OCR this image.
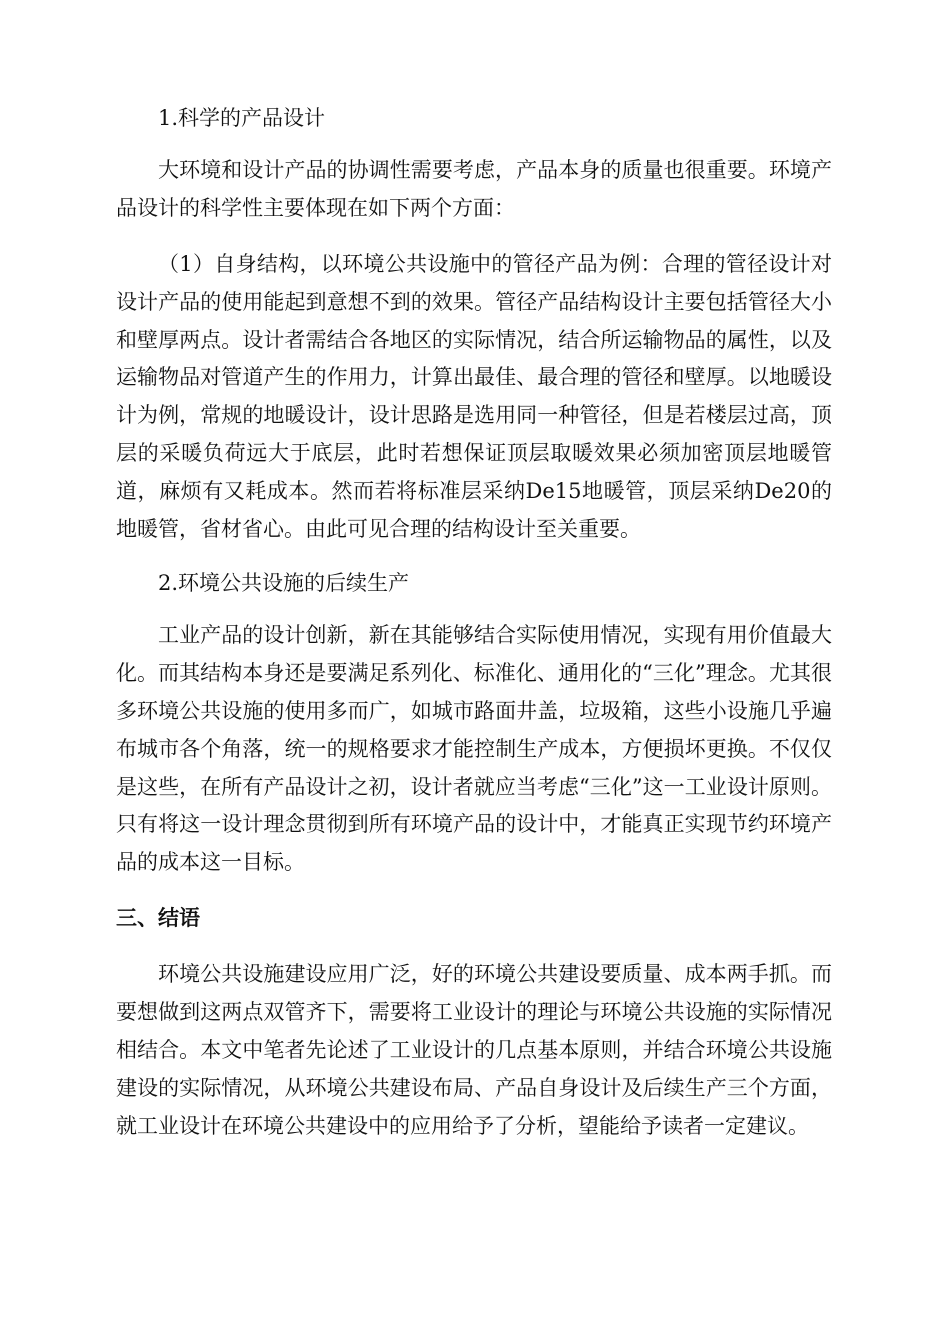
1.科学的产品设计

大环境和设计产品的协调性需要考虑，产品本身的质量也很重要。环境产品设计的科学性主要体现在如下两个方面：

（1）自身结构，以环境公共设施中的管径产品为例：合理的管径设计对设计产品的使用能起到意想不到的效果。管径产品结构设计主要包括管径大小和壁厚两点。设计者需结合各地区的实际情况，结合所运输物品的属性，以及运输物品对管道产生的作用力，计算出最佳、最合理的管径和壁厚。以地暖设计为例，常规的地暖设计，设计思路是选用同一种管径，但是若楼层过高，顶层的采暖负荷远大于底层，此时若想保证顶层取暖效果必须加密顶层地暖管道，麻烦有又耗成本。然而若将标准层采纳De15地暖管，顶层采纳De20的地暖管，省材省心。由此可见合理的结构设计至关重要。

2.环境公共设施的后续生产

工业产品的设计创新，新在其能够结合实际使用情况，实现有用价值最大化。而其结构本身还是要满足系列化、标准化、通用化的“三化”理念。尤其很多环境公共设施的使用多而广，如城市路面井盖，垃圾箱，这些小设施几乎遍布城市各个角落，统一的规格要求才能控制生产成本，方便损坏更换。不仅仅是这些，在所有产品设计之初，设计者就应当考虑“三化”这一工业设计原则。只有将这一设计理念贯彻到所有环境产品的设计中，才能真正实现节约环境产品的成本这一目标。

三、结语

环境公共设施建设应用广泛，好的环境公共建设要质量、成本两手抓。而要想做到这两点双管齐下，需要将工业设计的理论与环境公共设施的实际情况相结合。本文中笔者先论述了工业设计的几点基本原则，并结合环境公共设施建设的实际情况，从环境公共建设布局、产品自身设计及后续生产三个方面，就工业设计在环境公共建设中的应用给予了分析，望能给予读者一定建议。
